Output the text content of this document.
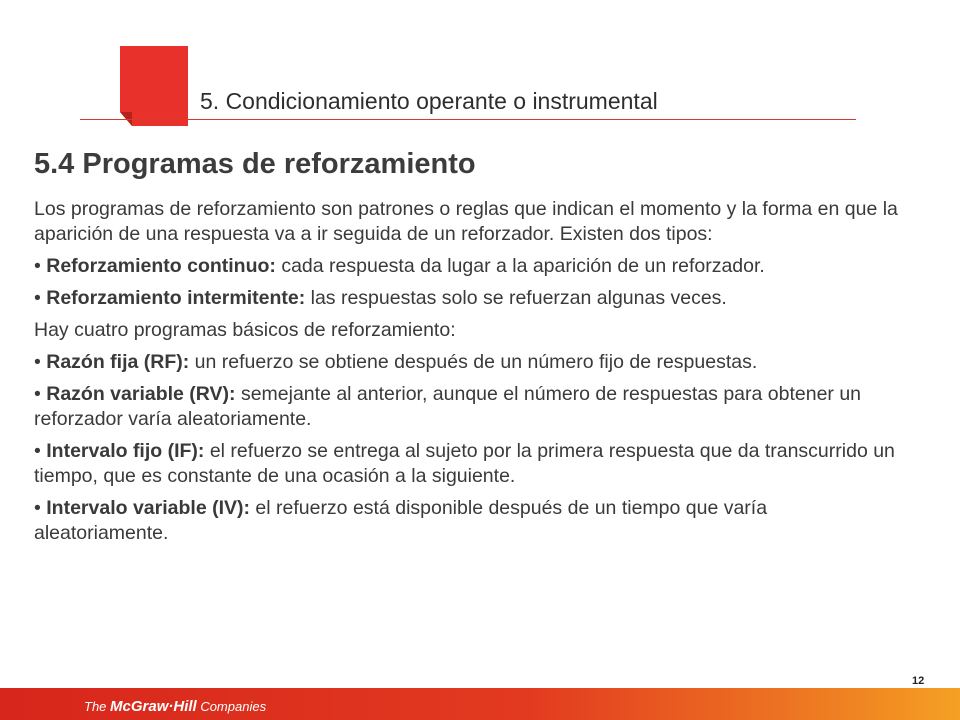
5. Condicionamiento operante o instrumental
5.4 Programas de reforzamiento

Los programas de reforzamiento son patrones o reglas que indican el momento y la forma en que la aparición de una respuesta va a ir seguida de un reforzador. Existen dos tipos:

• Reforzamiento continuo: cada respuesta da lugar a la aparición de un reforzador.

• Reforzamiento intermitente: las respuestas solo se refuerzan algunas veces.

Hay cuatro programas básicos de reforzamiento:

• Razón fija (RF): un refuerzo se obtiene después de un número fijo de respuestas.

• Razón variable (RV): semejante al anterior, aunque el número de respuestas para obtener un reforzador varía aleatoriamente.

• Intervalo fijo (IF): el refuerzo se entrega al sujeto por la primera respuesta que da transcurrido un tiempo, que es constante de una ocasión a la siguiente.

• Intervalo variable (IV): el refuerzo está disponible después de un tiempo que varía aleatoriamente.

12
The McGraw·Hill Companies
